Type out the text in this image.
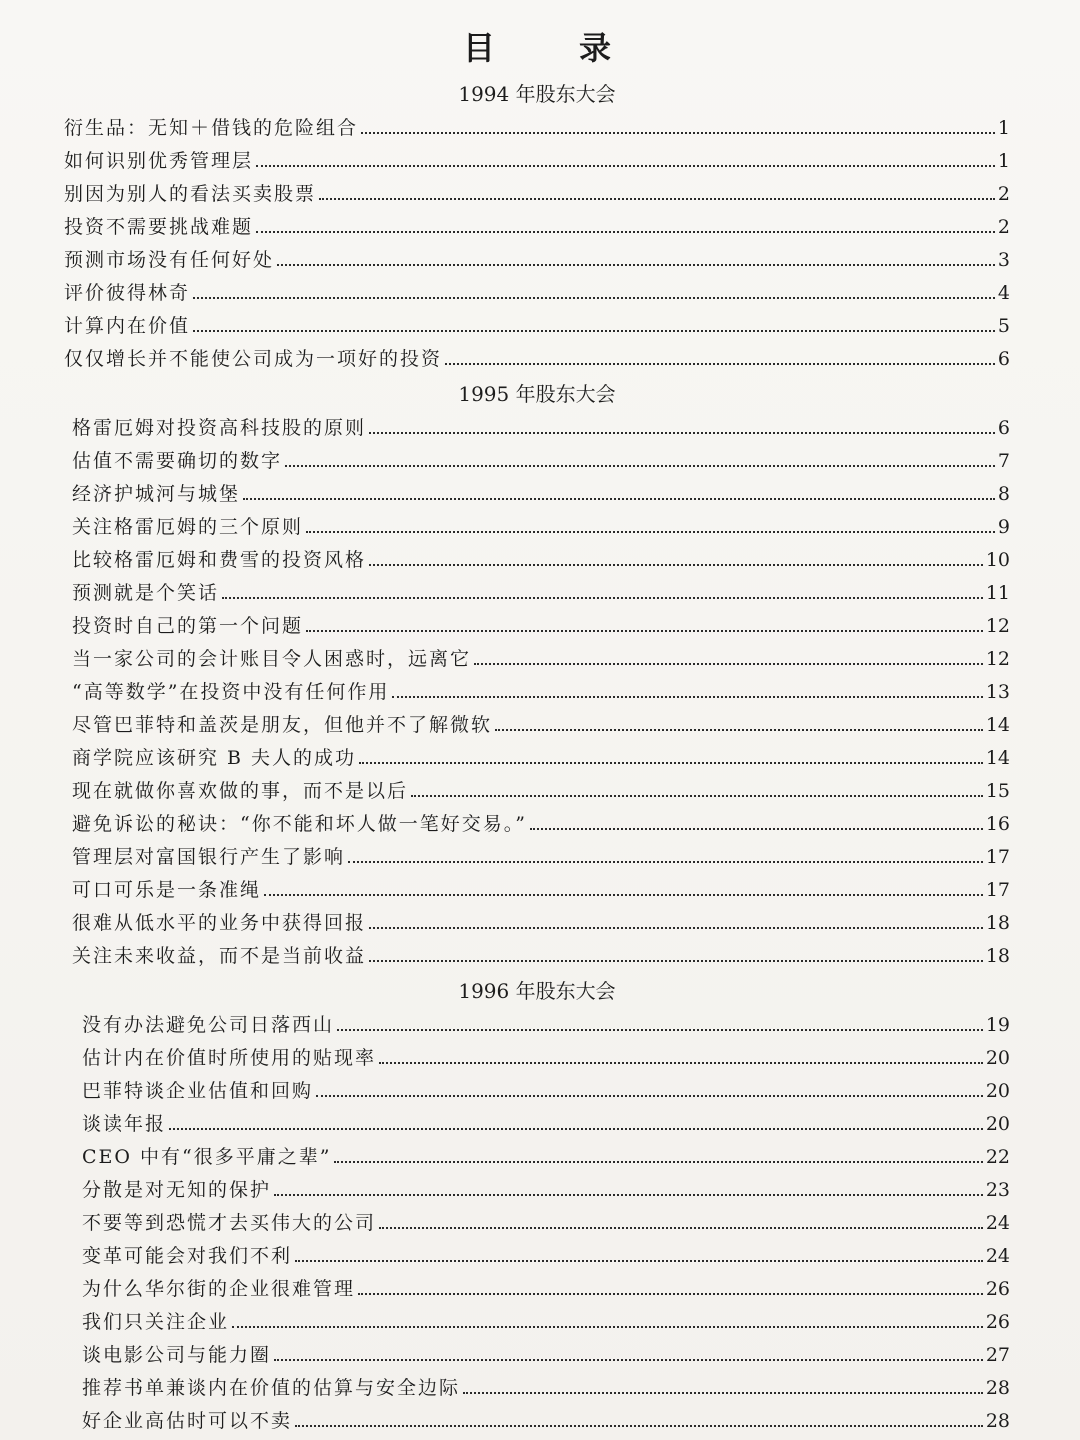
目　录
1994 年股东大会
衍生品：无知＋借钱的危险组合	1
如何识别优秀管理层	1
别因为别人的看法买卖股票	2
投资不需要挑战难题	2
预测市场没有任何好处	3
评价彼得林奇	4
计算内在价值	5
仅仅增长并不能使公司成为一项好的投资	6
1995 年股东大会
格雷厄姆对投资高科技股的原则	6
估值不需要确切的数字	7
经济护城河与城堡	8
关注格雷厄姆的三个原则	9
比较格雷厄姆和费雪的投资风格	10
预测就是个笑话	11
投资时自己的第一个问题	12
当一家公司的会计账目令人困惑时，远离它	12
“高等数学”在投资中没有任何作用	13
尽管巴菲特和盖茨是朋友，但他并不了解微软	14
商学院应该研究 B 夫人的成功	14
现在就做你喜欢做的事，而不是以后	15
避免诉讼的秘诀：“你不能和坏人做一笔好交易。”	16
管理层对富国银行产生了影响	17
可口可乐是一条准绳	17
很难从低水平的业务中获得回报	18
关注未来收益，而不是当前收益	18
1996 年股东大会
没有办法避免公司日落西山	19
估计内在价值时所使用的贴现率	20
巴菲特谈企业估值和回购	20
谈读年报	20
CEO 中有“很多平庸之辈”	22
分散是对无知的保护	23
不要等到恐慌才去买伟大的公司	24
变革可能会对我们不利	24
为什么华尔街的企业很难管理	26
我们只关注企业	26
谈电影公司与能力圈	27
推荐书单兼谈内在价值的估算与安全边际	28
好企业高估时可以不卖	28
